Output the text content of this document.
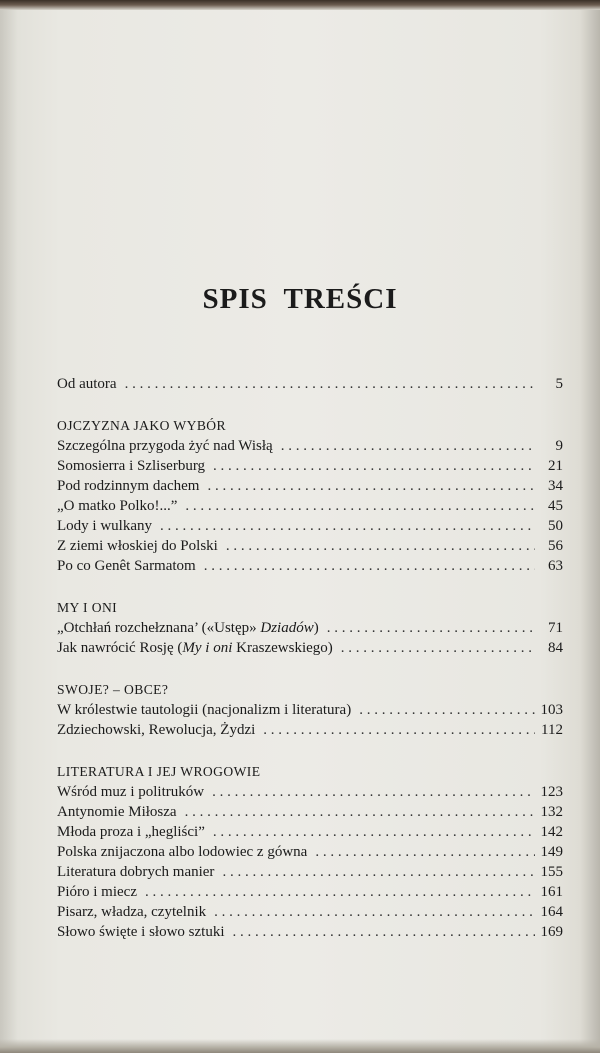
SPIS TREŚCI
Od autora . . .	5
OJCZYZNA JAKO WYBÓR
Szczególna przygoda żyć nad Wisłą . . .	9
Somosierra i Szliserburg . . .	21
Pod rodzinnym dachem . . .	34
„O matko Polko!...” . . .	45
Lody i wulkany . . .	50
Z ziemi włoskiej do Polski . . .	56
Po co Genêt Sarmatom . . .	63
MY I ONI
„Otchłań rozchełznana’ («Ustęp» Dziadów) . . .	71
Jak nawrócić Rosję (My i oni Kraszewskiego) . . .	84
SWOJE? – OBCE?
W królestwie tautologii (nacjonalizm i literatura) . . .	103
Zdziechowski, Rewolucja, Żydzi . . .	112
LITERATURA I JEJ WROGOWIE
Wśród muz i politruków . . .	123
Antynomie Miłosza . . .	132
Młoda proza i „hegliści” . . .	142
Polska znijaczona albo lodowiec z gówna . . .	149
Literatura dobrych manier . . .	155
Pióro i miecz . . .	161
Pisarz, władza, czytelnik . . .	164
Słowo święte i słowo sztuki . . .	169
